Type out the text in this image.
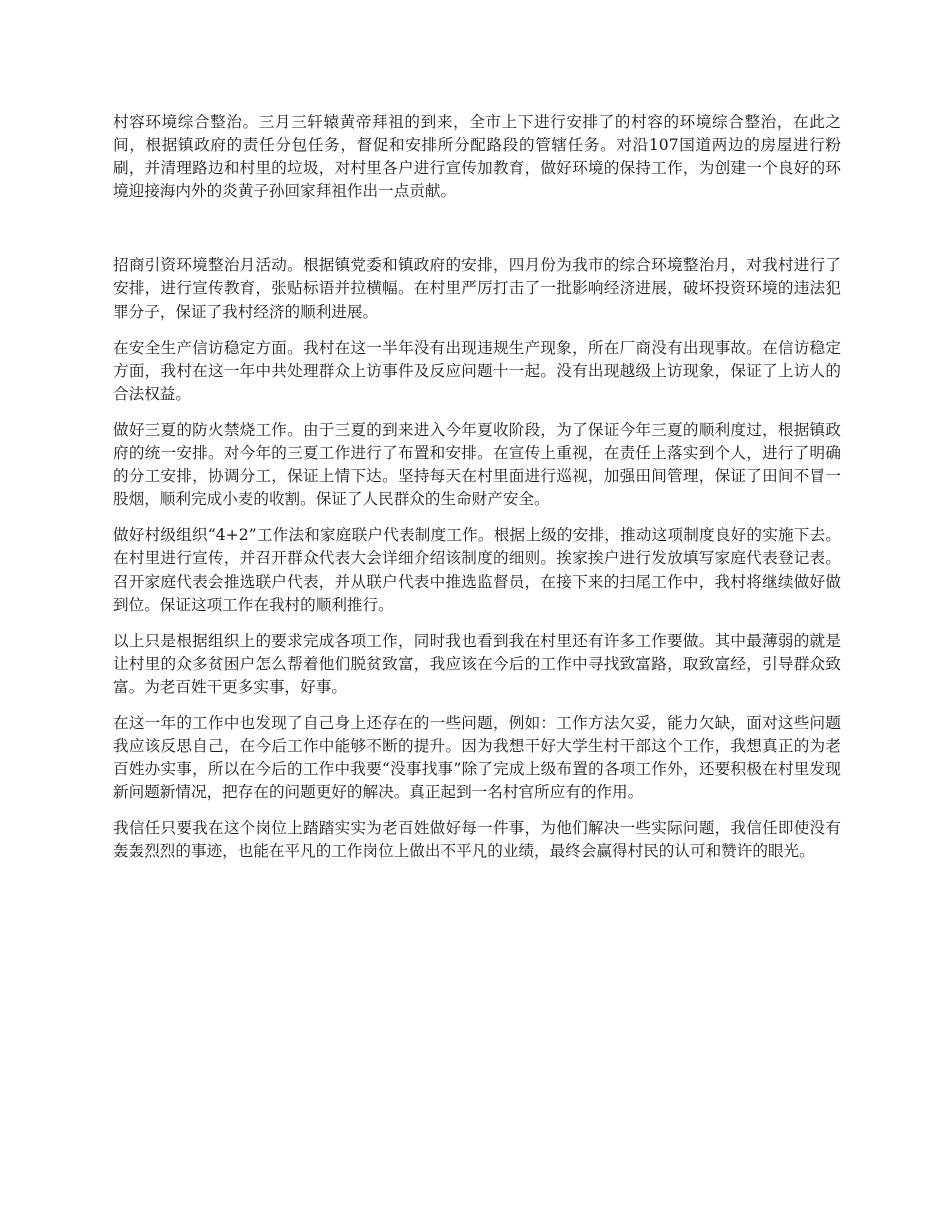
村容环境综合整治。三月三轩辕黄帝拜祖的到来，全市上下进行安排了的村容的环境综合整治，在此之间，根据镇政府的责任分包任务，督促和安排所分配路段的管辖任务。对沿107国道两边的房屋进行粉刷，并清理路边和村里的垃圾，对村里各户进行宣传加教育，做好环境的保持工作，为创建一个良好的环境迎接海内外的炎黄子孙回家拜祖作出一点贡献。

招商引资环境整治月活动。根据镇党委和镇政府的安排，四月份为我市的综合环境整治月，对我村进行了安排，进行宣传教育，张贴标语并拉横幅。在村里严厉打击了一批影响经济进展，破坏投资环境的违法犯罪分子，保证了我村经济的顺利进展。

在安全生产信访稳定方面。我村在这一半年没有出现违规生产现象，所在厂商没有出现事故。在信访稳定方面，我村在这一年中共处理群众上访事件及反应问题十一起。没有出现越级上访现象，保证了上访人的合法权益。

做好三夏的防火禁烧工作。由于三夏的到来进入今年夏收阶段，为了保证今年三夏的顺利度过，根据镇政府的统一安排。对今年的三夏工作进行了布置和安排。在宣传上重视，在责任上落实到个人，进行了明确的分工安排，协调分工，保证上情下达。坚持每天在村里面进行巡视，加强田间管理，保证了田间不冒一股烟，顺利完成小麦的收割。保证了人民群众的生命财产安全。

做好村级组织“4+2”工作法和家庭联户代表制度工作。根据上级的安排，推动这项制度良好的实施下去。在村里进行宣传，并召开群众代表大会详细介绍该制度的细则。挨家挨户进行发放填写家庭代表登记表。召开家庭代表会推选联户代表，并从联户代表中推选监督员，在接下来的扫尾工作中，我村将继续做好做到位。保证这项工作在我村的顺利推行。

以上只是根据组织上的要求完成各项工作，同时我也看到我在村里还有许多工作要做。其中最薄弱的就是让村里的众多贫困户怎么帮着他们脱贫致富，我应该在今后的工作中寻找致富路，取致富经，引导群众致富。为老百姓干更多实事，好事。

在这一年的工作中也发现了自己身上还存在的一些问题，例如：工作方法欠妥，能力欠缺，面对这些问题我应该反思自己，在今后工作中能够不断的提升。因为我想干好大学生村干部这个工作，我想真正的为老百姓办实事，所以在今后的工作中我要“没事找事”除了完成上级布置的各项工作外，还要积极在村里发现新问题新情况，把存在的问题更好的解决。真正起到一名村官所应有的作用。

我信任只要我在这个岗位上踏踏实实为老百姓做好每一件事，为他们解决一些实际问题，我信任即使没有轰轰烈烈的事迹，也能在平凡的工作岗位上做出不平凡的业绩，最终会赢得村民的认可和赞许的眼光。
